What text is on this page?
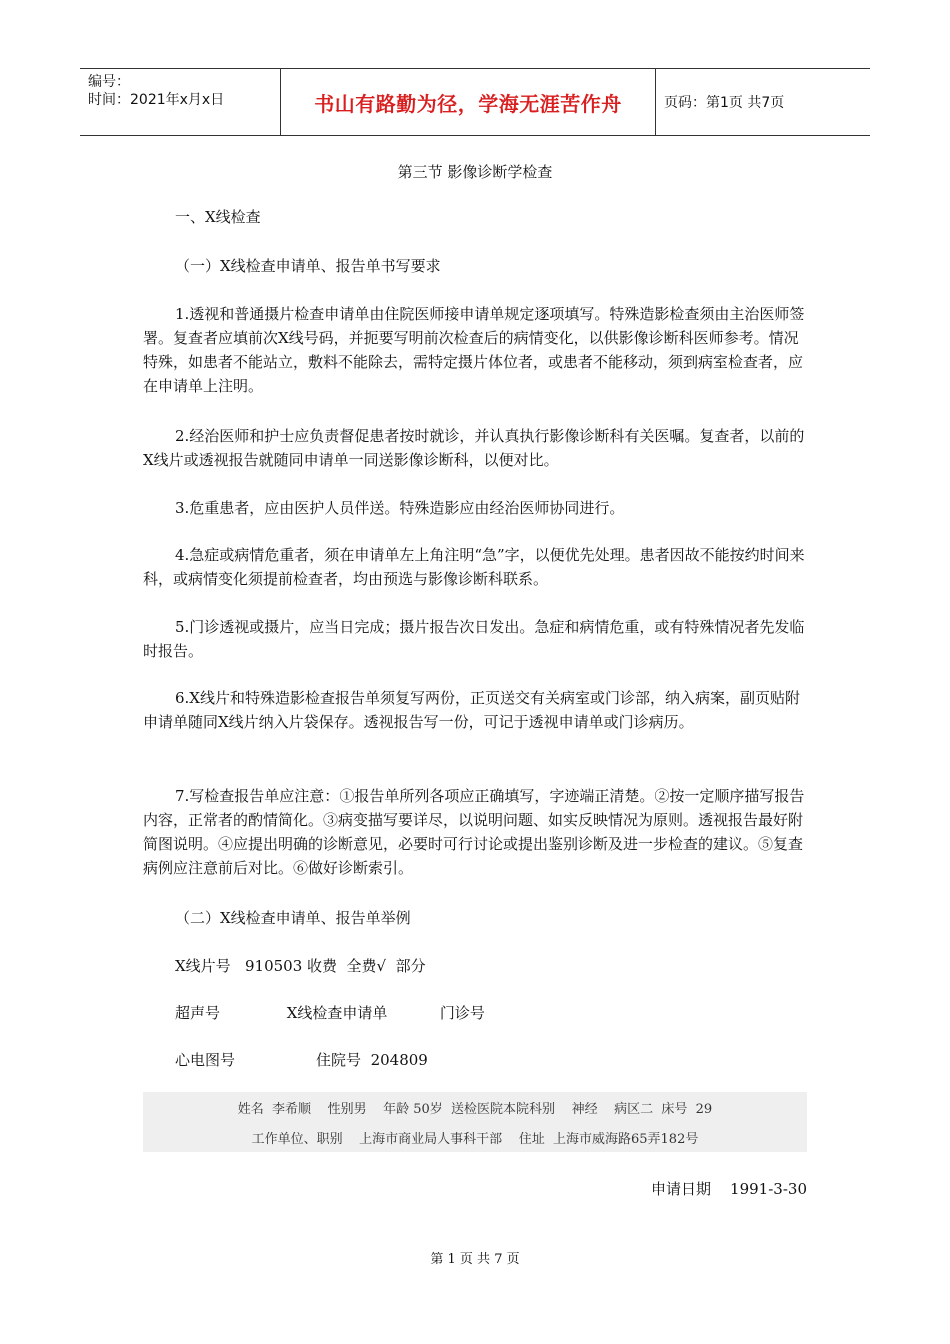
编号：
时间：2021年x月x日	书山有路勤为径，学海无涯苦作舟	页码：第1页 共7页
第三节 影像诊断学检查

一、X线检查

（一）X线检查申请单、报告单书写要求

1.透视和普通摄片检查申请单由住院医师接申请单规定逐项填写。特殊造影检查须由主治医师签署。复查者应填前次X线号码，并扼要写明前次检查后的病情变化，以供影像诊断科医师参考。情况特殊，如患者不能站立，敷料不能除去，需特定摄片体位者，或患者不能移动，须到病室检查者，应在申请单上注明。

2.经治医师和护士应负责督促患者按时就诊，并认真执行影像诊断科有关医嘱。复查者，以前的X线片或透视报告就随同申请单一同送影像诊断科，以便对比。

3.危重患者，应由医护人员伴送。特殊造影应由经治医师协同进行。

4.急症或病情危重者，须在申请单左上角注明“急”字，以便优先处理。患者因故不能按约时间来科，或病情变化须提前检查者，均由预选与影像诊断科联系。

5.门诊透视或摄片，应当日完成；摄片报告次日发出。急症和病情危重，或有特殊情况者先发临时报告。

6.X线片和特殊造影检查报告单须复写两份，正页送交有关病室或门诊部，纳入病案，副页贴附申请单随同X线片纳入片袋保存。透视报告写一份，可记于透视申请单或门诊病历。

7.写检查报告单应注意：①报告单所列各项应正确填写，字迹端正清楚。②按一定顺序描写报告内容，正常者的酌情简化。③病变描写要详尽，以说明问题、如实反映情况为原则。透视报告最好附简图说明。④应提出明确的诊断意见，必要时可行讨论或提出鉴别诊断及进一步检查的建议。⑤复查病例应注意前后对比。⑥做好诊断索引。

（二）X线检查申请单、报告单举例

X线片号   910503 收费  全费√  部分

超声号              X线检查申请单           门诊号

心电图号                 住院号  204809

姓名  李希顺    性别男    年龄 50岁  送检医院本院科别    神经    病区二  床号  29
工作单位、职别    上海市商业局人事科干部    住址  上海市威海路65弄182号
申请日期    1991-3-30
第 1 页 共 7 页
